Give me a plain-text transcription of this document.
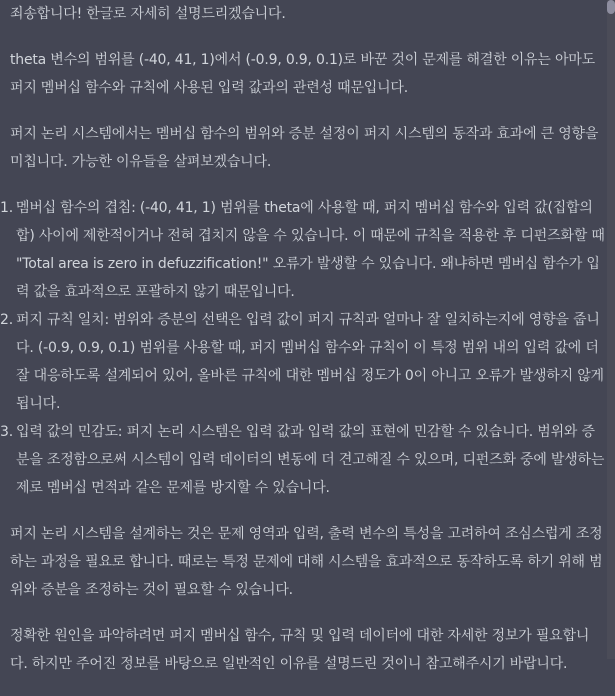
죄송합니다! 한글로 자세히 설명드리겠습니다.

theta 변수의 범위를 (-40, 41, 1)에서 (-0.9, 0.9, 0.1)로 바꾼 것이 문제를 해결한 이유는 아마도 퍼지 멤버십 함수와 규칙에 사용된 입력 값과의 관련성 때문입니다.

퍼지 논리 시스템에서는 멤버십 함수의 범위와 증분 설정이 퍼지 시스템의 동작과 효과에 큰 영향을 미칩니다. 가능한 이유들을 살펴보겠습니다.

1. 멤버십 함수의 겹침: (-40, 41, 1) 범위를 theta에 사용할 때, 퍼지 멤버십 함수와 입력 값(집합의 합) 사이에 제한적이거나 전혀 겹치지 않을 수 있습니다. 이 때문에 규칙을 적용한 후 디펀즈화할 때 "Total area is zero in defuzzification!" 오류가 발생할 수 있습니다. 왜냐하면 멤버십 함수가 입력 값을 효과적으로 포괄하지 않기 때문입니다.
2. 퍼지 규칙 일치: 범위와 증분의 선택은 입력 값이 퍼지 규칙과 얼마나 잘 일치하는지에 영향을 줍니다. (-0.9, 0.9, 0.1) 범위를 사용할 때, 퍼지 멤버십 함수와 규칙이 이 특정 범위 내의 입력 값에 더 잘 대응하도록 설계되어 있어, 올바른 규칙에 대한 멤버십 정도가 0이 아니고 오류가 발생하지 않게 됩니다.
3. 입력 값의 민감도: 퍼지 논리 시스템은 입력 값과 입력 값의 표현에 민감할 수 있습니다. 범위와 증분을 조정함으로써 시스템이 입력 데이터의 변동에 더 견고해질 수 있으며, 디펀즈화 중에 발생하는 제로 멤버십 면적과 같은 문제를 방지할 수 있습니다.

퍼지 논리 시스템을 설계하는 것은 문제 영역과 입력, 출력 변수의 특성을 고려하여 조심스럽게 조정하는 과정을 필요로 합니다. 때로는 특정 문제에 대해 시스템을 효과적으로 동작하도록 하기 위해 범위와 증분을 조정하는 것이 필요할 수 있습니다.

정확한 원인을 파악하려면 퍼지 멤버십 함수, 규칙 및 입력 데이터에 대한 자세한 정보가 필요합니다. 하지만 주어진 정보를 바탕으로 일반적인 이유를 설명드린 것이니 참고해주시기 바랍니다.
